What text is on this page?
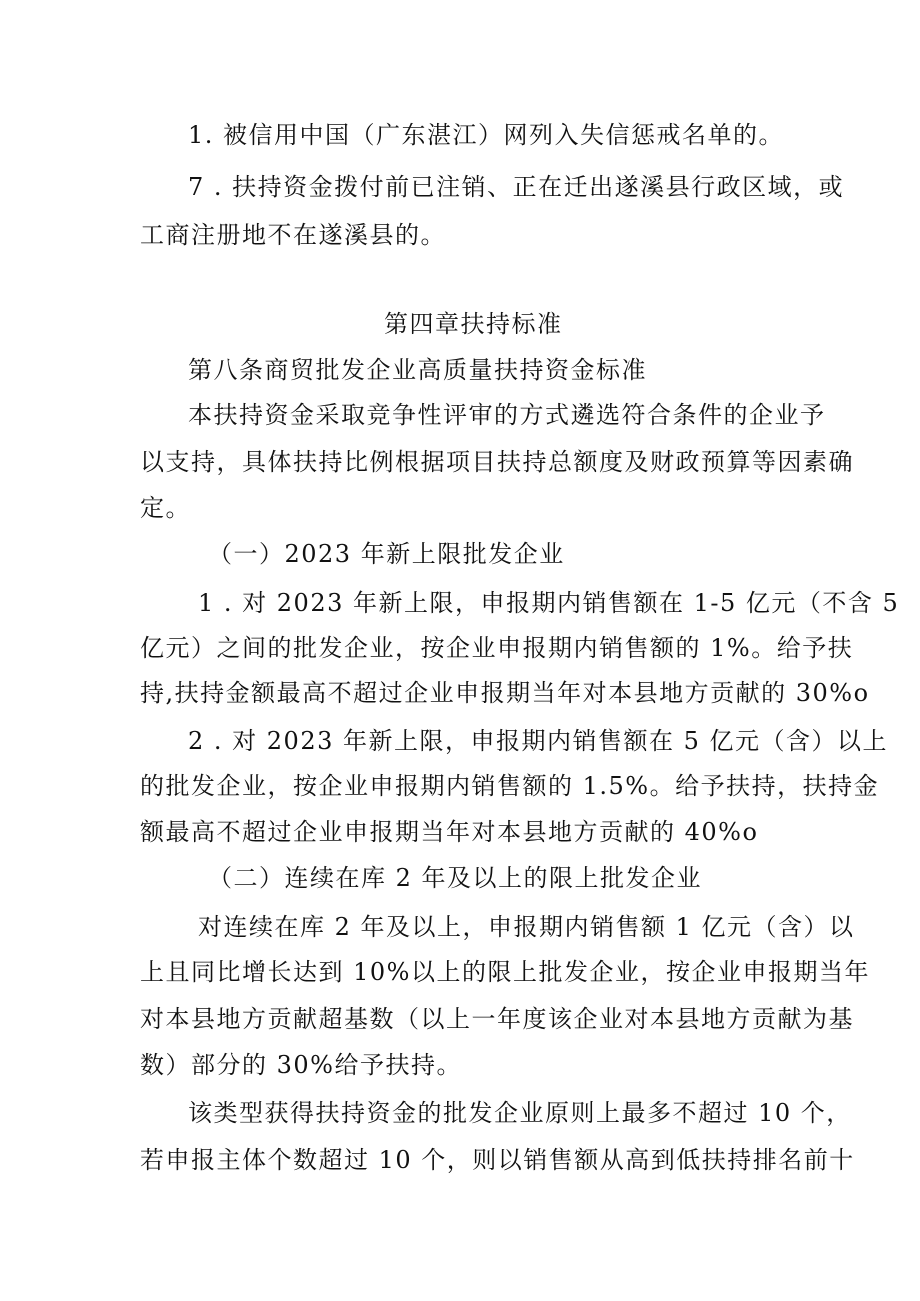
1. 被信用中国（广东湛江）网列入失信惩戒名单的。
7 . 扶持资金拨付前已注销、正在迁出遂溪县行政区域，或
工商注册地不在遂溪县的。
第四章扶持标准
第八条商贸批发企业高质量扶持资金标准
本扶持资金采取竞争性评审的方式遴选符合条件的企业予
以支持，具体扶持比例根据项目扶持总额度及财政预算等因素确
定。
（一）2023 年新上限批发企业
1 . 对 2023 年新上限，申报期内销售额在 1-5 亿元（不含 5
亿元）之间的批发企业，按企业申报期内销售额的 1%。给予扶
持,扶持金额最高不超过企业申报期当年对本县地方贡献的 30%o
2 . 对 2023 年新上限，申报期内销售额在 5 亿元（含）以上
的批发企业，按企业申报期内销售额的 1.5%。给予扶持，扶持金
额最高不超过企业申报期当年对本县地方贡献的 40%o
（二）连续在库 2 年及以上的限上批发企业
对连续在库 2 年及以上，申报期内销售额 1 亿元（含）以
上且同比增长达到 10%以上的限上批发企业，按企业申报期当年
对本县地方贡献超基数（以上一年度该企业对本县地方贡献为基
数）部分的 30%给予扶持。
该类型获得扶持资金的批发企业原则上最多不超过 10 个，
若申报主体个数超过 10 个，则以销售额从高到低扶持排名前十
